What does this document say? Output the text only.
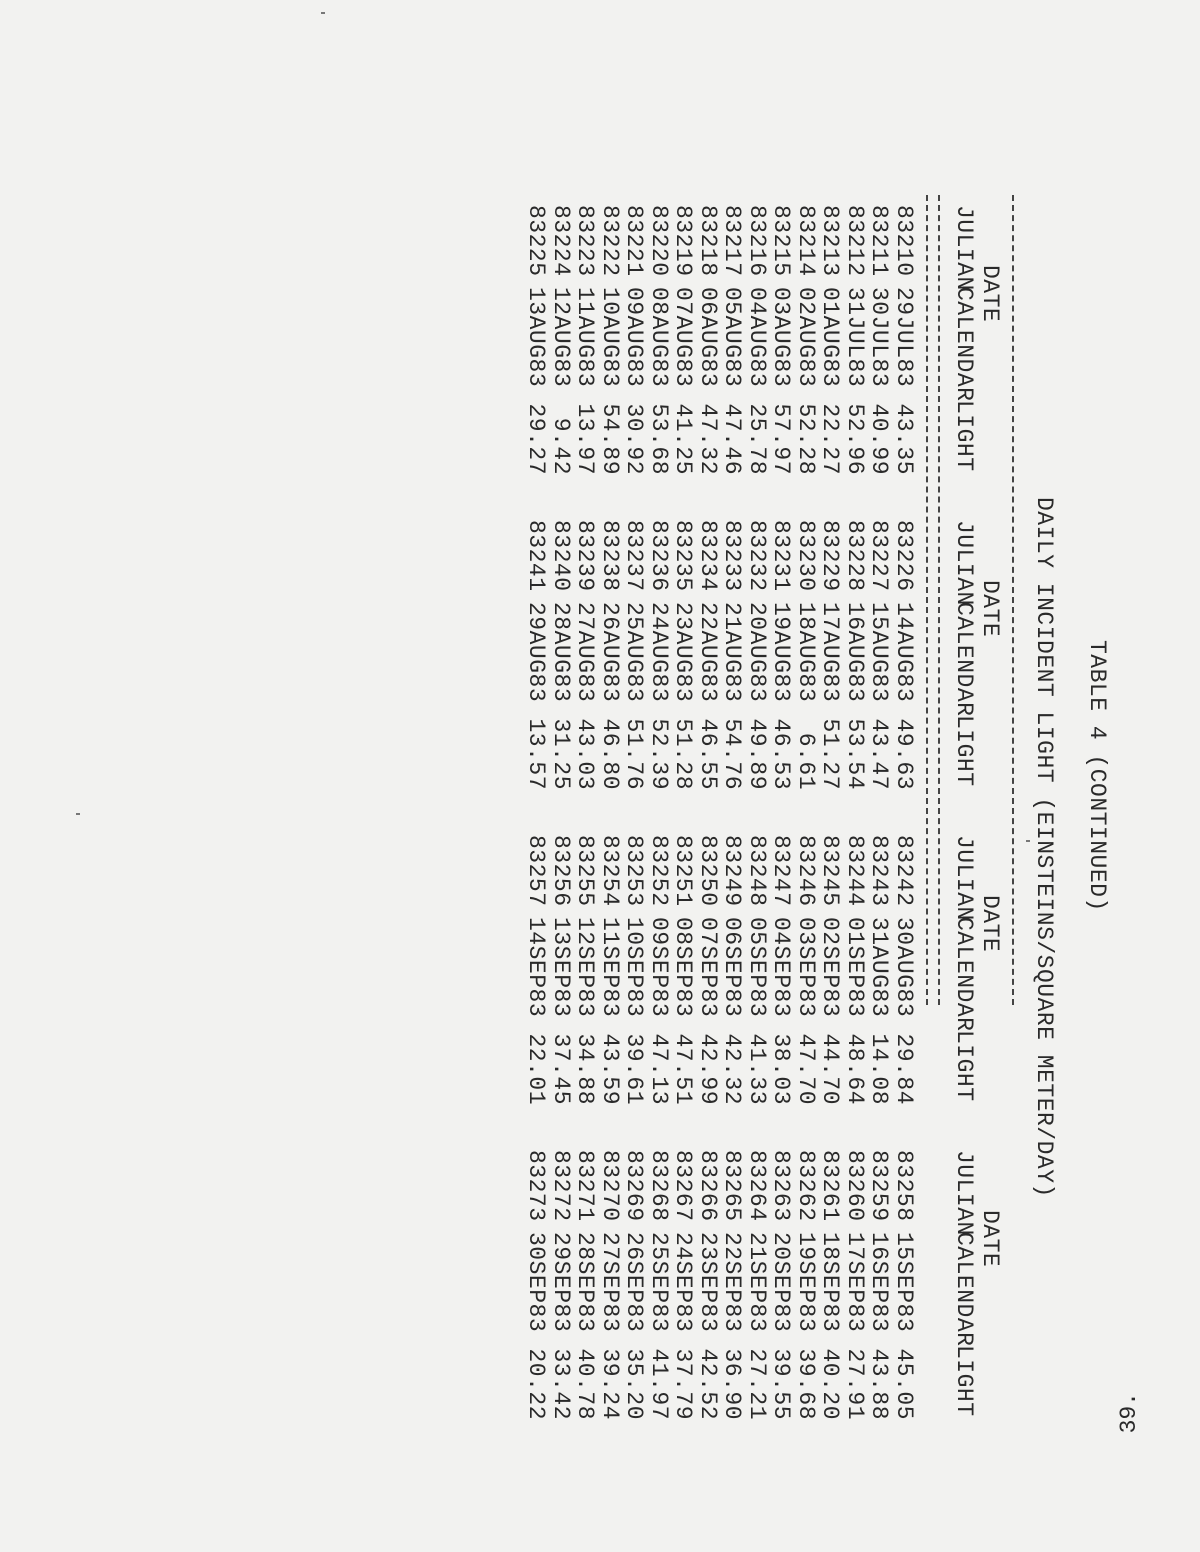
39.
TABLE 4 (CONTINUED)
DAILY INCIDENT LIGHT (EINSTEINS/SQUARE METER/DAY)
DATE
JULIAN
CALENDAR
LIGHT
83210
29JUL83
43.35
83211
30JUL83
40.99
83212
31JUL83
52.96
83213
01AUG83
22.27
83214
02AUG83
52.28
83215
03AUG83
57.97
83216
04AUG83
25.78
83217
05AUG83
47.46
83218
06AUG83
47.32
83219
07AUG83
41.25
83220
08AUG83
53.68
83221
09AUG83
30.92
83222
10AUG83
54.89
83223
11AUG83
13.97
83224
12AUG83
9.42
83225
13AUG83
29.27
DATE
JULIAN
CALENDAR
LIGHT
83226
14AUG83
49.63
83227
15AUG83
43.47
83228
16AUG83
53.54
83229
17AUG83
51.27
83230
18AUG83
6.61
83231
19AUG83
46.53
83232
20AUG83
49.89
83233
21AUG83
54.76
83234
22AUG83
46.55
83235
23AUG83
51.28
83236
24AUG83
52.39
83237
25AUG83
51.76
83238
26AUG83
46.80
83239
27AUG83
43.03
83240
28AUG83
31.25
83241
29AUG83
13.57
DATE
JULIAN
CALENDAR
LIGHT
83242
30AUG83
29.84
83243
31AUG83
14.08
83244
01SEP83
48.64
83245
02SEP83
44.70
83246
03SEP83
47.70
83247
04SEP83
38.03
83248
05SEP83
41.33
83249
06SEP83
42.32
83250
07SEP83
42.99
83251
08SEP83
47.51
83252
09SEP83
47.13
83253
10SEP83
39.61
83254
11SEP83
43.59
83255
12SEP83
34.88
83256
13SEP83
37.45
83257
14SEP83
22.01
DATE
JULIAN
CALENDAR
LIGHT
83258
15SEP83
45.05
83259
16SEP83
43.88
83260
17SEP83
27.91
83261
18SEP83
40.20
83262
19SEP83
39.68
83263
20SEP83
39.55
83264
21SEP83
27.21
83265
22SEP83
36.90
83266
23SEP83
42.52
83267
24SEP83
37.79
83268
25SEP83
41.97
83269
26SEP83
35.20
83270
27SEP83
39.24
83271
28SEP83
40.78
83272
29SEP83
33.42
83273
30SEP83
20.22
